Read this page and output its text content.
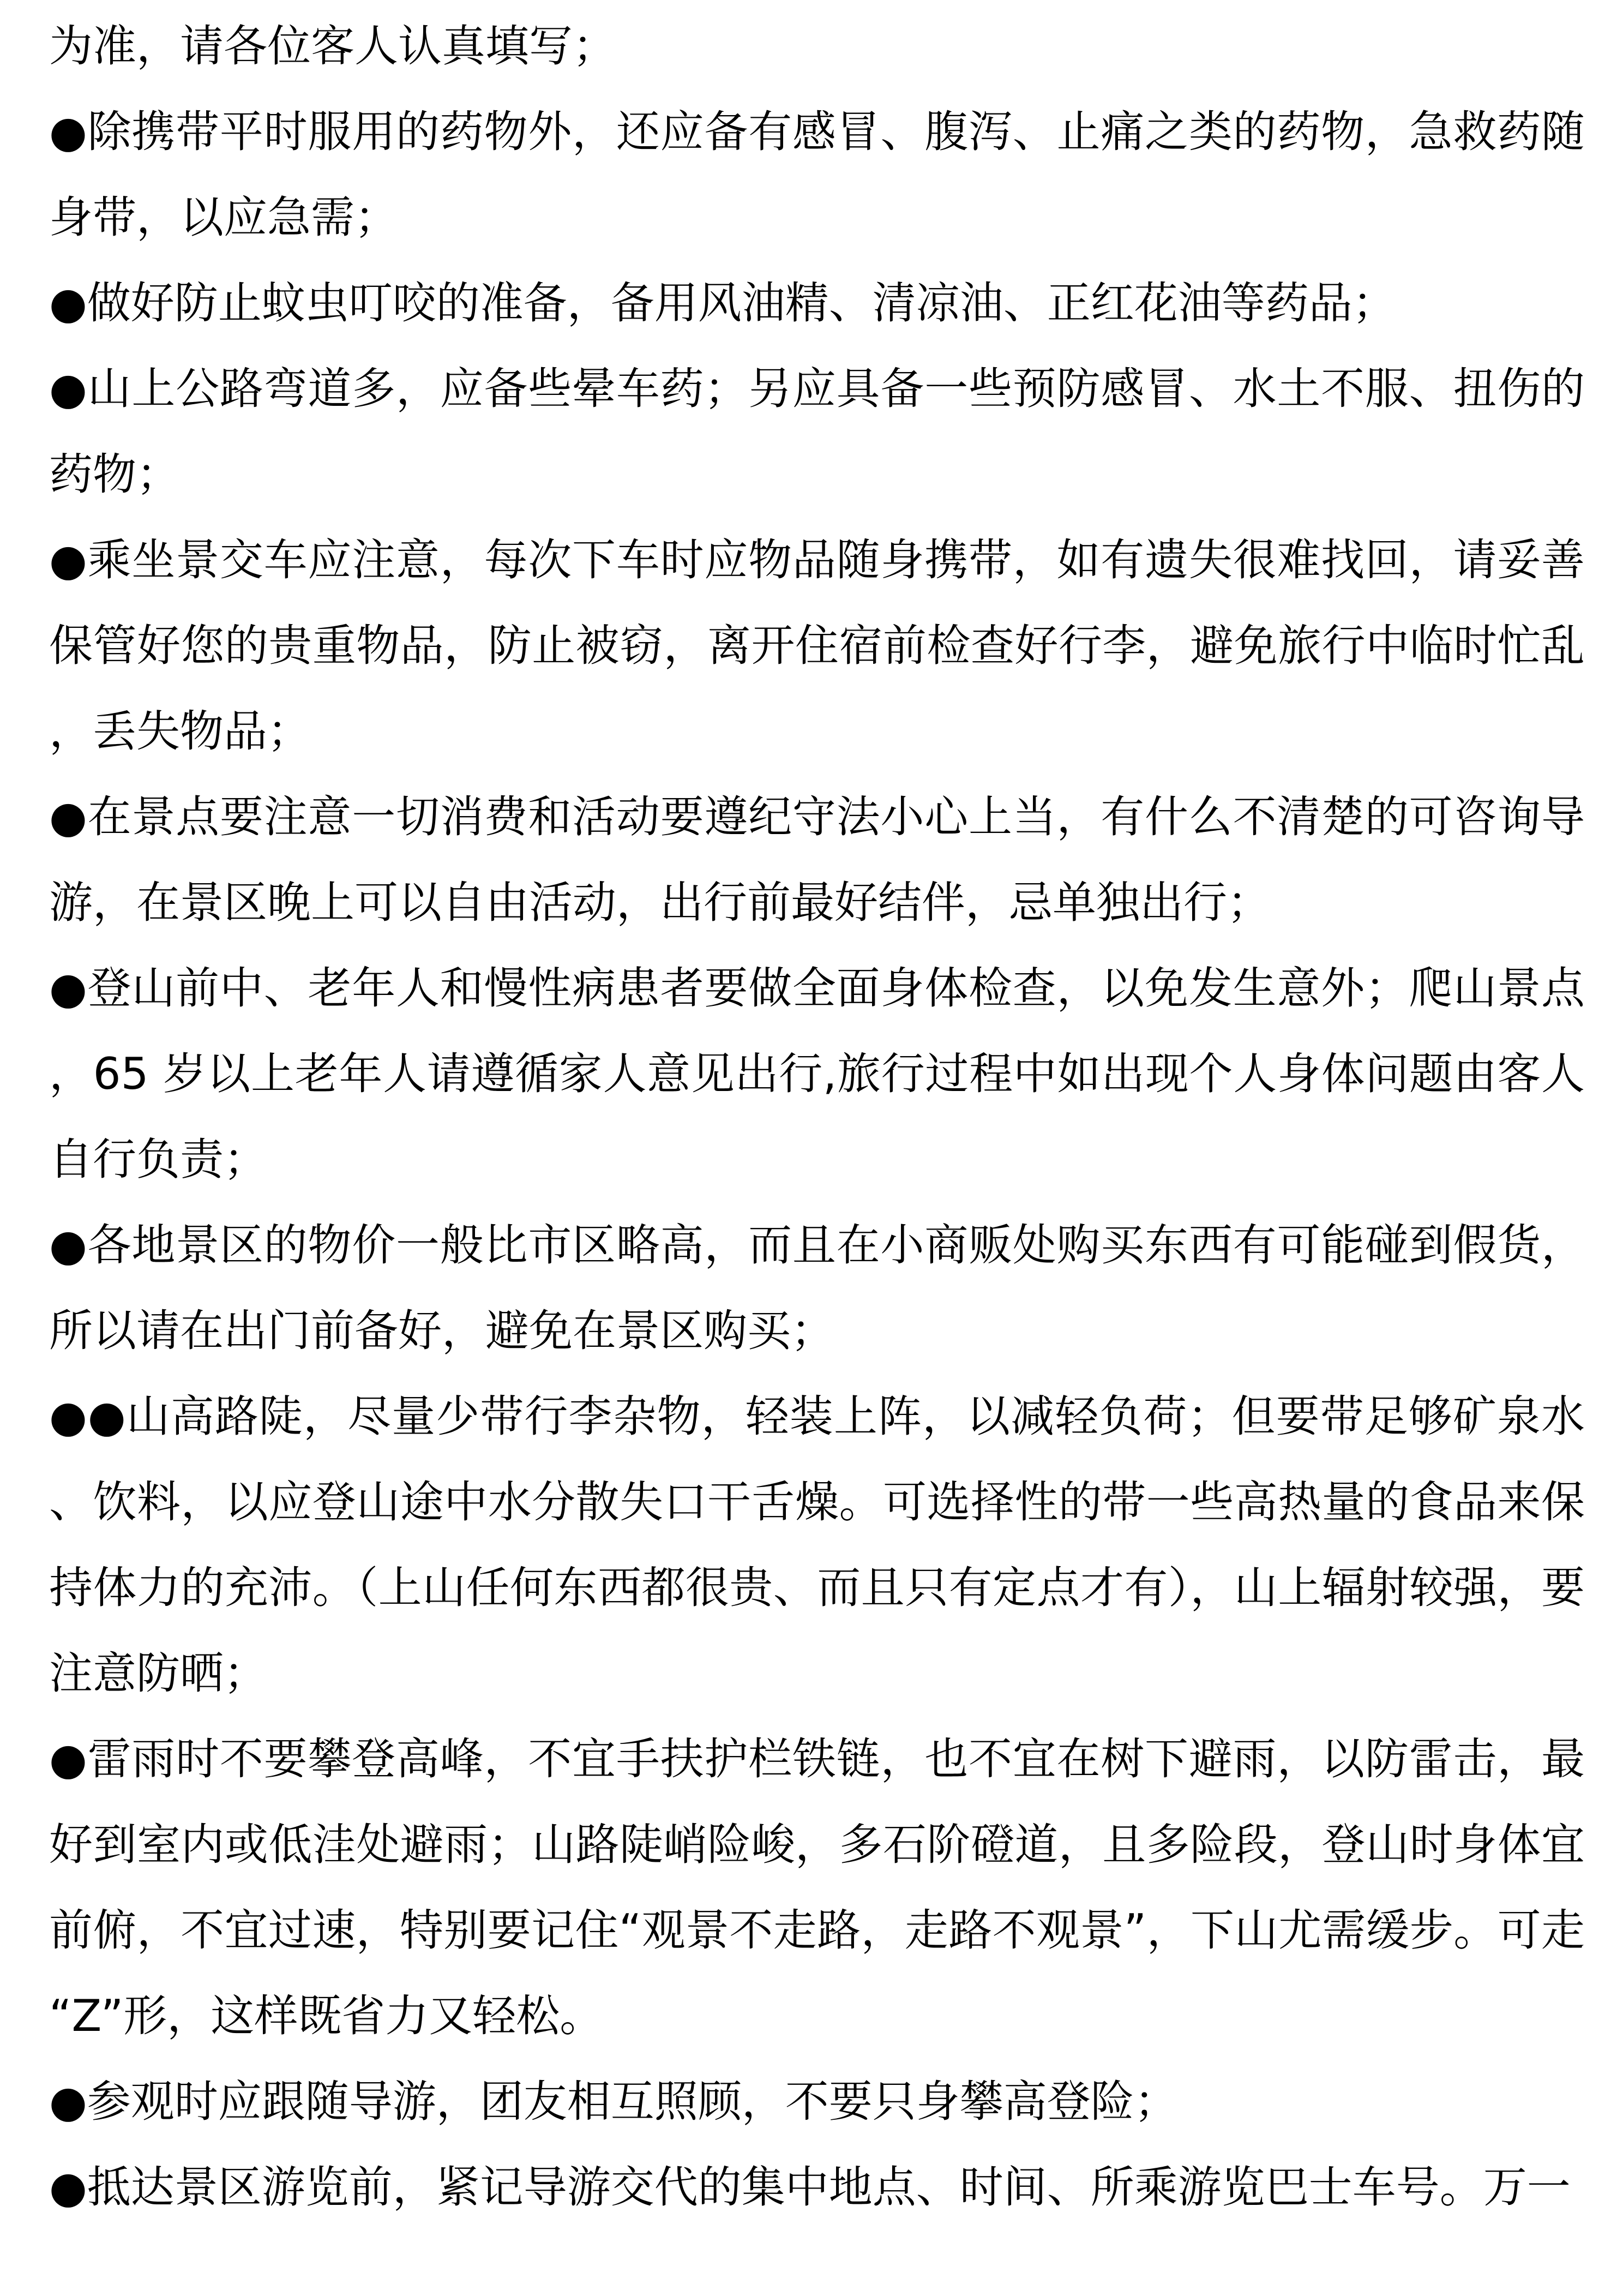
为准，请各位客人认真填写；

●除携带平时服用的药物外，还应备有感冒、腹泻、止痛之类的药物，急救药随身带，以应急需；

●做好防止蚊虫叮咬的准备，备用风油精、清凉油、正红花油等药品；

●山上公路弯道多，应备些晕车药；另应具备一些预防感冒、水土不服、扭伤的药物；

●乘坐景交车应注意，每次下车时应物品随身携带，如有遗失很难找回，请妥善保管好您的贵重物品，防止被窃，离开住宿前检查好行李，避免旅行中临时忙乱，丢失物品；

●在景点要注意一切消费和活动要遵纪守法小心上当，有什么不清楚的可咨询导游，在景区晚上可以自由活动，出行前最好结伴，忌单独出行；

●登山前中、老年人和慢性病患者要做全面身体检查，以免发生意外；爬山景点，65 岁以上老年人请遵循家人意见出行,旅行过程中如出现个人身体问题由客人自行负责；

●各地景区的物价一般比市区略高，而且在小商贩处购买东西有可能碰到假货，所以请在出门前备好，避免在景区购买；

●●山高路陡，尽量少带行李杂物，轻装上阵，以减轻负荷；但要带足够矿泉水、饮料，以应登山途中水分散失口干舌燥。可选择性的带一些高热量的食品来保持体力的充沛。（上山任何东西都很贵、而且只有定点才有），山上辐射较强，要注意防晒；

●雷雨时不要攀登高峰，不宜手扶护栏铁链，也不宜在树下避雨，以防雷击，最好到室内或低洼处避雨；山路陡峭险峻，多石阶磴道，且多险段，登山时身体宜前俯，不宜过速，特别要记住“观景不走路，走路不观景”，下山尤需缓步。可走“Z”形，这样既省力又轻松。

●参观时应跟随导游，团友相互照顾，不要只身攀高登险；

●抵达景区游览前，紧记导游交代的集中地点、时间、所乘游览巴士车号。万一
